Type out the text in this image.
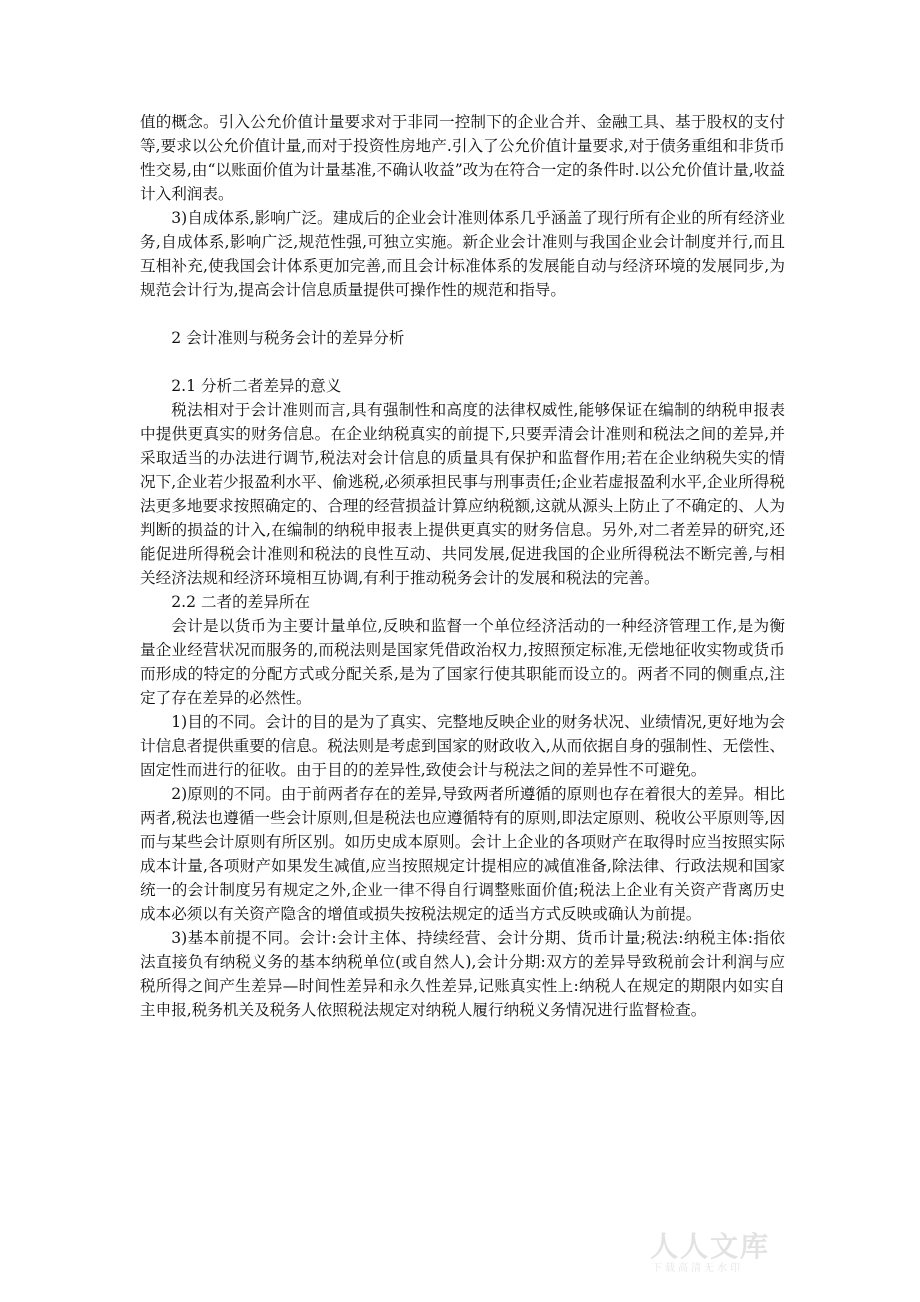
值的概念。引入公允价值计量要求对于非同一控制下的企业合并、金融工具、基于股权的支付等,要求以公允价值计量,而对于投资性房地产.引入了公允价值计量要求,对于债务重组和非货币性交易,由“以账面价值为计量基准,不确认收益”改为在符合一定的条件时.以公允价值计量,收益计入利润表。

3)自成体系,影响广泛。建成后的企业会计准则体系几乎涵盖了现行所有企业的所有经济业务,自成体系,影响广泛,规范性强,可独立实施。新企业会计准则与我国企业会计制度并行,而且互相补充,使我国会计体系更加完善,而且会计标准体系的发展能自动与经济环境的发展同步,为规范会计行为,提高会计信息质量提供可操作性的规范和指导。

2 会计准则与税务会计的差异分析

2.1 分析二者差异的意义

税法相对于会计准则而言,具有强制性和高度的法律权威性,能够保证在编制的纳税申报表中提供更真实的财务信息。在企业纳税真实的前提下,只要弄清会计准则和税法之间的差异,并采取适当的办法进行调节,税法对会计信息的质量具有保护和监督作用;若在企业纳税失实的情况下,企业若少报盈利水平、偷逃税,必须承担民事与刑事责任;企业若虚报盈利水平,企业所得税法更多地要求按照确定的、合理的经营损益计算应纳税额,这就从源头上防止了不确定的、人为判断的损益的计入,在编制的纳税申报表上提供更真实的财务信息。另外,对二者差异的研究,还能促进所得税会计准则和税法的良性互动、共同发展,促进我国的企业所得税法不断完善,与相关经济法规和经济环境相互协调,有利于推动税务会计的发展和税法的完善。

2.2 二者的差异所在

会计是以货币为主要计量单位,反映和监督一个单位经济活动的一种经济管理工作,是为衡量企业经营状况而服务的,而税法则是国家凭借政治权力,按照预定标准,无偿地征收实物或货币而形成的特定的分配方式或分配关系,是为了国家行使其职能而设立的。两者不同的侧重点,注定了存在差异的必然性。

1)目的不同。会计的目的是为了真实、完整地反映企业的财务状况、业绩情况,更好地为会计信息者提供重要的信息。税法则是考虑到国家的财政收入,从而依据自身的强制性、无偿性、固定性而进行的征收。由于目的的差异性,致使会计与税法之间的差异性不可避免。

2)原则的不同。由于前两者存在的差异,导致两者所遵循的原则也存在着很大的差异。相比两者,税法也遵循一些会计原则,但是税法也应遵循特有的原则,即法定原则、税收公平原则等,因而与某些会计原则有所区别。如历史成本原则。会计上企业的各项财产在取得时应当按照实际成本计量,各项财产如果发生减值,应当按照规定计提相应的减值准备,除法律、行政法规和国家统一的会计制度另有规定之外,企业一律不得自行调整账面价值;税法上企业有关资产背离历史成本必须以有关资产隐含的增值或损失按税法规定的适当方式反映或确认为前提。

3)基本前提不同。会计:会计主体、持续经营、会计分期、货币计量;税法:纳税主体:指依法直接负有纳税义务的基本纳税单位(或自然人),会计分期:双方的差异导致税前会计利润与应税所得之间产生差异—时间性差异和永久性差异,记账真实性上:纳税人在规定的期限内如实自主申报,税务机关及税务人依照税法规定对纳税人履行纳税义务情况进行监督检查。

人人文库
下载高清无水印
